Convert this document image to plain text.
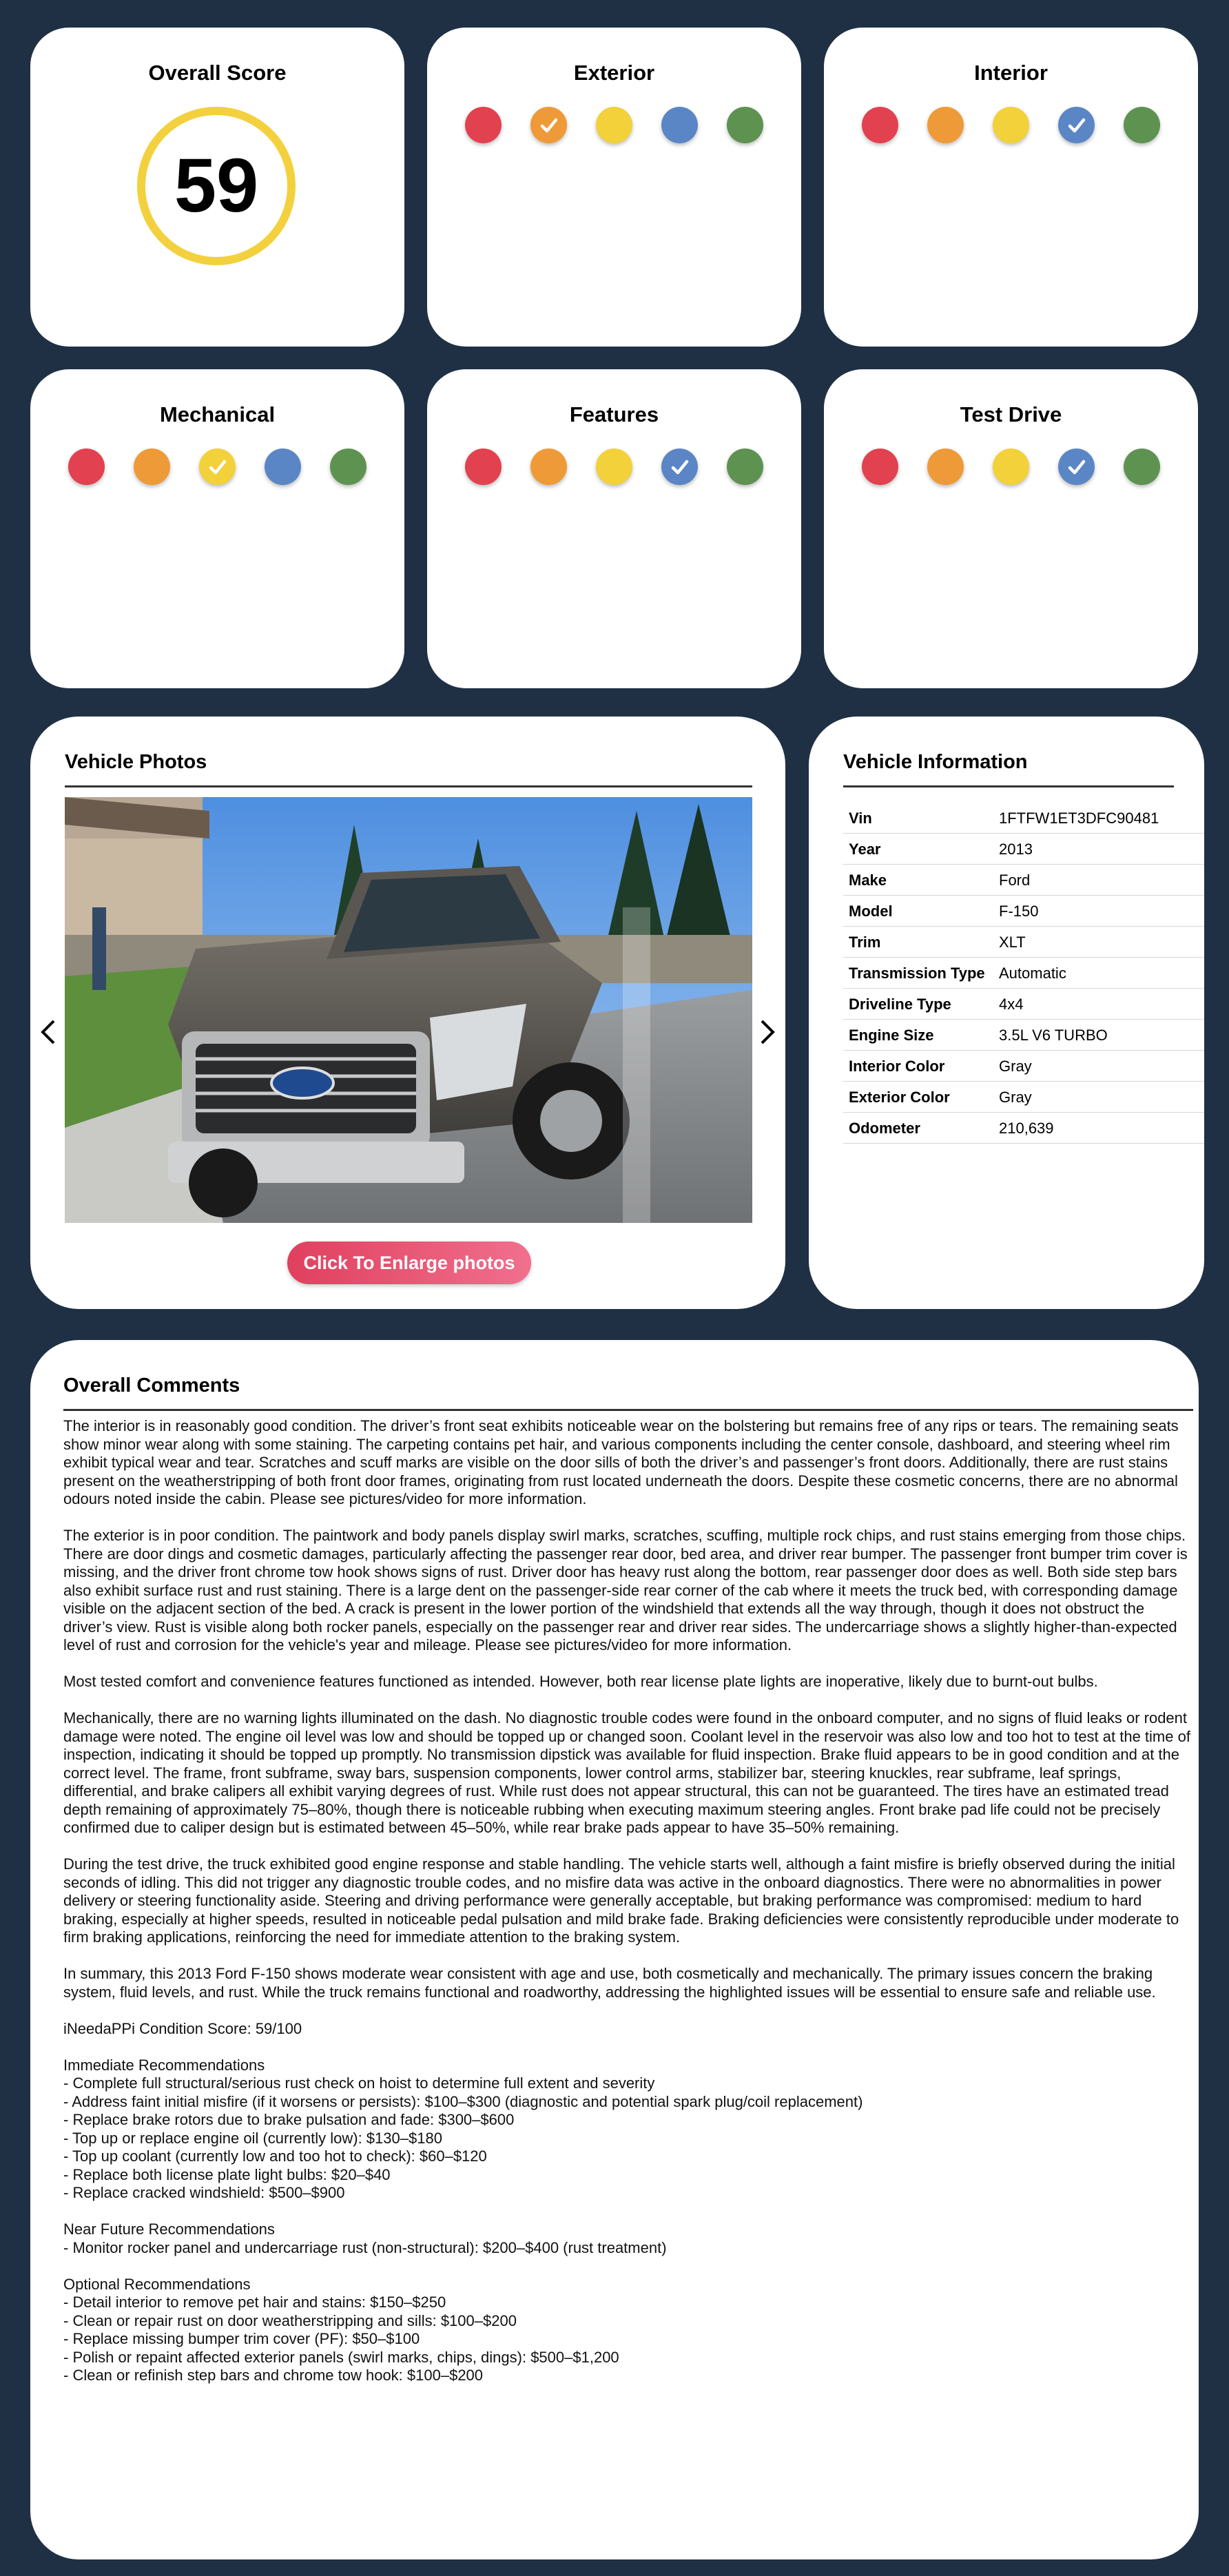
Overall Score
59
Exterior	Interior
Mechanical	Features	Test Drive
Vehicle Photos
Click To Enlarge photos
Vehicle Information
Vin	1FTFW1ET3DFC90481
Year	2013
Make	Ford
Model	F-150
Trim	XLT
Transmission Type	Automatic
Driveline Type	4x4
Engine Size	3.5L V6 TURBO
Interior Color	Gray
Exterior Color	Gray
Odometer	210,639
Overall Comments

The interior is in reasonably good condition. The driver’s front seat exhibits noticeable wear on the bolstering but remains free of any rips or tears. The remaining seats show minor wear along with some staining. The carpeting contains pet hair, and various components including the center console, dashboard, and steering wheel rim exhibit typical wear and tear. Scratches and scuff marks are visible on the door sills of both the driver’s and passenger’s front doors. Additionally, there are rust stains present on the weatherstripping of both front door frames, originating from rust located underneath the doors. Despite these cosmetic concerns, there are no abnormal odours noted inside the cabin. Please see pictures/video for more information.

The exterior is in poor condition. The paintwork and body panels display swirl marks, scratches, scuffing, multiple rock chips, and rust stains emerging from those chips. There are door dings and cosmetic damages, particularly affecting the passenger rear door, bed area, and driver rear bumper. The passenger front bumper trim cover is missing, and the driver front chrome tow hook shows signs of rust. Driver door has heavy rust along the bottom, rear passenger door does as well. Both side step bars also exhibit surface rust and rust staining. There is a large dent on the passenger-side rear corner of the cab where it meets the truck bed, with corresponding damage visible on the adjacent section of the bed. A crack is present in the lower portion of the windshield that extends all the way through, though it does not obstruct the driver’s view. Rust is visible along both rocker panels, especially on the passenger rear and driver rear sides. The undercarriage shows a slightly higher-than-expected level of rust and corrosion for the vehicle's year and mileage. Please see pictures/video for more information.

Most tested comfort and convenience features functioned as intended. However, both rear license plate lights are inoperative, likely due to burnt-out bulbs.

Mechanically, there are no warning lights illuminated on the dash. No diagnostic trouble codes were found in the onboard computer, and no signs of fluid leaks or rodent damage were noted. The engine oil level was low and should be topped up or changed soon. Coolant level in the reservoir was also low and too hot to test at the time of inspection, indicating it should be topped up promptly. No transmission dipstick was available for fluid inspection. Brake fluid appears to be in good condition and at the correct level. The frame, front subframe, sway bars, suspension components, lower control arms, stabilizer bar, steering knuckles, rear subframe, leaf springs, differential, and brake calipers all exhibit varying degrees of rust. While rust does not appear structural, this can not be guaranteed. The tires have an estimated tread depth remaining of approximately 75–80%, though there is noticeable rubbing when executing maximum steering angles. Front brake pad life could not be precisely confirmed due to caliper design but is estimated between 45–50%, while rear brake pads appear to have 35–50% remaining.

During the test drive, the truck exhibited good engine response and stable handling. The vehicle starts well, although a faint misfire is briefly observed during the initial seconds of idling. This did not trigger any diagnostic trouble codes, and no misfire data was active in the onboard diagnostics. There were no abnormalities in power delivery or steering functionality aside. Steering and driving performance were generally acceptable, but braking performance was compromised: medium to hard braking, especially at higher speeds, resulted in noticeable pedal pulsation and mild brake fade. Braking deficiencies were consistently reproducible under moderate to firm braking applications, reinforcing the need for immediate attention to the braking system.

In summary, this 2013 Ford F-150 shows moderate wear consistent with age and use, both cosmetically and mechanically. The primary issues concern the braking system, fluid levels, and rust. While the truck remains functional and roadworthy, addressing the highlighted issues will be essential to ensure safe and reliable use.

iNeedaPPi Condition Score: 59/100

Immediate Recommendations
- Complete full structural/serious rust check on hoist to determine full extent and severity
- Address faint initial misfire (if it worsens or persists): $100–$300 (diagnostic and potential spark plug/coil replacement)
- Replace brake rotors due to brake pulsation and fade: $300–$600
- Top up or replace engine oil (currently low): $130–$180
- Top up coolant (currently low and too hot to check): $60–$120
- Replace both license plate light bulbs: $20–$40
- Replace cracked windshield: $500–$900

Near Future Recommendations
- Monitor rocker panel and undercarriage rust (non-structural): $200–$400 (rust treatment)

Optional Recommendations
- Detail interior to remove pet hair and stains: $150–$250
- Clean or repair rust on door weatherstripping and sills: $100–$200
- Replace missing bumper trim cover (PF): $50–$100
- Polish or repaint affected exterior panels (swirl marks, chips, dings): $500–$1,200
- Clean or refinish step bars and chrome tow hook: $100–$200
